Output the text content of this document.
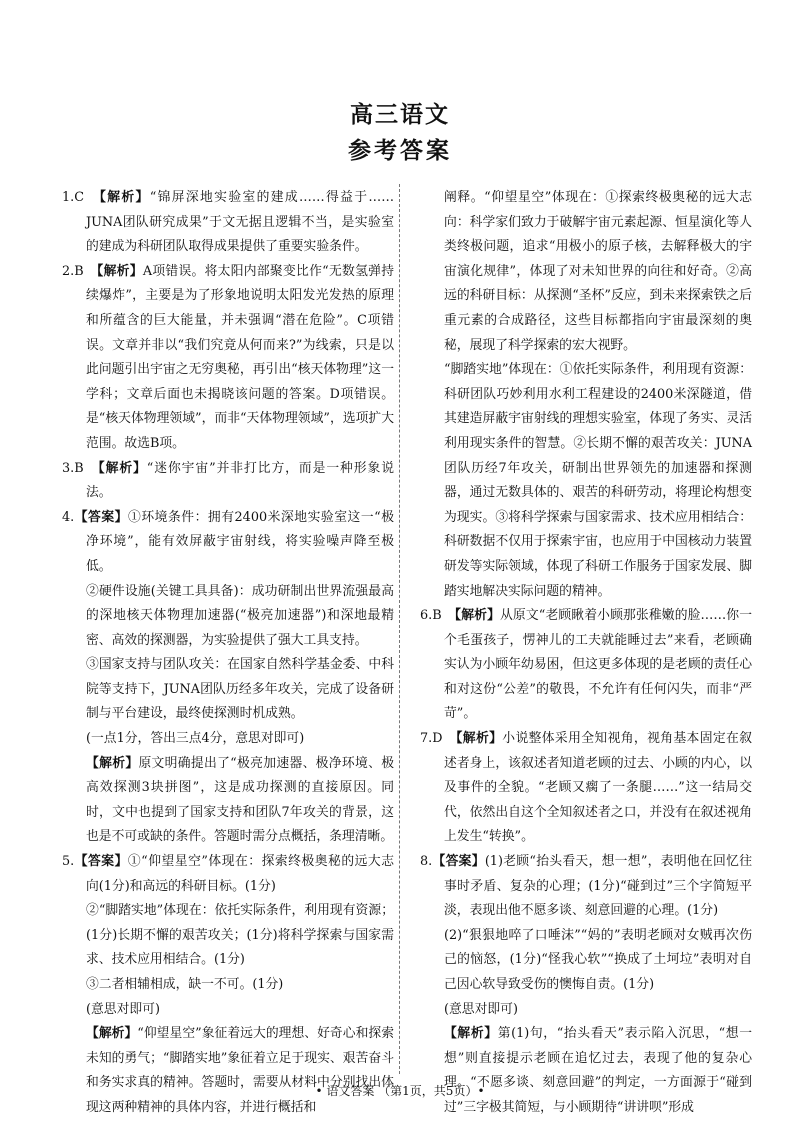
高三语文
参考答案

1.C　 【解析】“锦屏深地实验室的建成……得益于……JUNA团队研究成果”于文无据且逻辑不当，是实验室的建成为科研团队取得成果提供了重要实验条件。

2.B　 【解析】A项错误。将太阳内部聚变比作“无数氢弹持续爆炸”，主要是为了形象地说明太阳发光发热的原理和所蕴含的巨大能量，并未强调“潜在危险”。C项错误。文章并非以“我们究竟从何而来?”为线索，只是以此问题引出宇宙之无穷奥秘，再引出“核天体物理”这一学科；文章后面也未揭晓该问题的答案。D项错误。是“核天体物理领域”，而非“天体物理领域”，选项扩大范围。故选B项。

3.B　 【解析】“迷你宇宙”并非打比方，而是一种形象说法。

4.【答案】①环境条件：拥有2400米深地实验室这一“极净环境”，能有效屏蔽宇宙射线，将实验噪声降至极低。

②硬件设施(关键工具具备)：成功研制出世界流强最高的深地核天体物理加速器(“极亮加速器”)和深地最精密、高效的探测器，为实验提供了强大工具支持。

③国家支持与团队攻关：在国家自然科学基金委、中科院等支持下，JUNA团队历经多年攻关，完成了设备研制与平台建设，最终使探测时机成熟。

(一点1分，答出三点4分，意思对即可)

【解析】原文明确提出了“极亮加速器、极净环境、极高效探测3块拼图”，这是成功探测的直接原因。同时，文中也提到了国家支持和团队7年攻关的背景，这也是不可或缺的条件。答题时需分点概括，条理清晰。

5.【答案】①“仰望星空”体现在：探索终极奥秘的远大志向(1分)和高远的科研目标。(1分)

②“脚踏实地”体现在：依托实际条件，利用现有资源；(1分)长期不懈的艰苦攻关；(1分)将科学探索与国家需求、技术应用相结合。(1分)

③二者相辅相成，缺一不可。(1分)

(意思对即可)

【解析】“仰望星空”象征着远大的理想、好奇心和探索未知的勇气；“脚踏实地”象征着立足于现实、艰苦奋斗和务实求真的精神。答题时，需要从材料中分别找出体现这两种精神的具体内容，并进行概括和

阐释。“仰望星空”体现在：①探索终极奥秘的远大志向：科学家们致力于破解宇宙元素起源、恒星演化等人类终极问题，追求“用极小的原子核，去解释极大的宇宙演化规律”，体现了对未知世界的向往和好奇。②高远的科研目标：从探测“圣杯”反应，到未来探索铁之后重元素的合成路径，这些目标都指向宇宙最深刻的奥秘，展现了科学探索的宏大视野。

“脚踏实地”体现在：①依托实际条件，利用现有资源：科研团队巧妙利用水利工程建设的2400米深隧道，借其建造屏蔽宇宙射线的理想实验室，体现了务实、灵活利用现实条件的智慧。②长期不懈的艰苦攻关：JUNA团队历经7年攻关，研制出世界领先的加速器和探测器，通过无数具体的、艰苦的科研劳动，将理论构想变为现实。③将科学探索与国家需求、技术应用相结合：科研数据不仅用于探索宇宙，也应用于中国核动力装置研发等实际领域，体现了科研工作服务于国家发展、脚踏实地解决实际问题的精神。

6.B　 【解析】从原文“老顾瞅着小顾那张稚嫩的脸……你一个毛蛋孩子，愣神儿的工夫就能睡过去”来看，老顾确实认为小顾年幼易困，但这更多体现的是老顾的责任心和对这份“公差”的敬畏，不允许有任何闪失，而非“严苛”。

7.D　 【解析】小说整体采用全知视角，视角基本固定在叙述者身上，该叙述者知道老顾的过去、小顾的内心，以及事件的全貌。“老顾又瘸了一条腿……”这一结局交代，依然出自这个全知叙述者之口，并没有在叙述视角上发生“转换”。

8.【答案】(1)老顾“抬头看天，想一想”，表明他在回忆往事时矛盾、复杂的心理；(1分)“碰到过”三个字简短平淡，表现出他不愿多谈、刻意回避的心理。(1分)

(2)“狠狠地啐了口唾沫”“妈的”表明老顾对女贼再次伤己的恼怒，(1分)“怪我心软”“换成了土坷垃”表明对自己因心软导致受伤的懊悔自责。(1分)

(意思对即可)

【解析】第(1)句，“抬头看天”表示陷入沉思，“想一想”则直接提示老顾在追忆过去，表现了他的复杂心理。“不愿多谈、刻意回避”的判定，一方面源于“碰到过”三字极其简短，与小顾期待“讲讲呗”形成

• 语文答案 （第1页，共5页）•
